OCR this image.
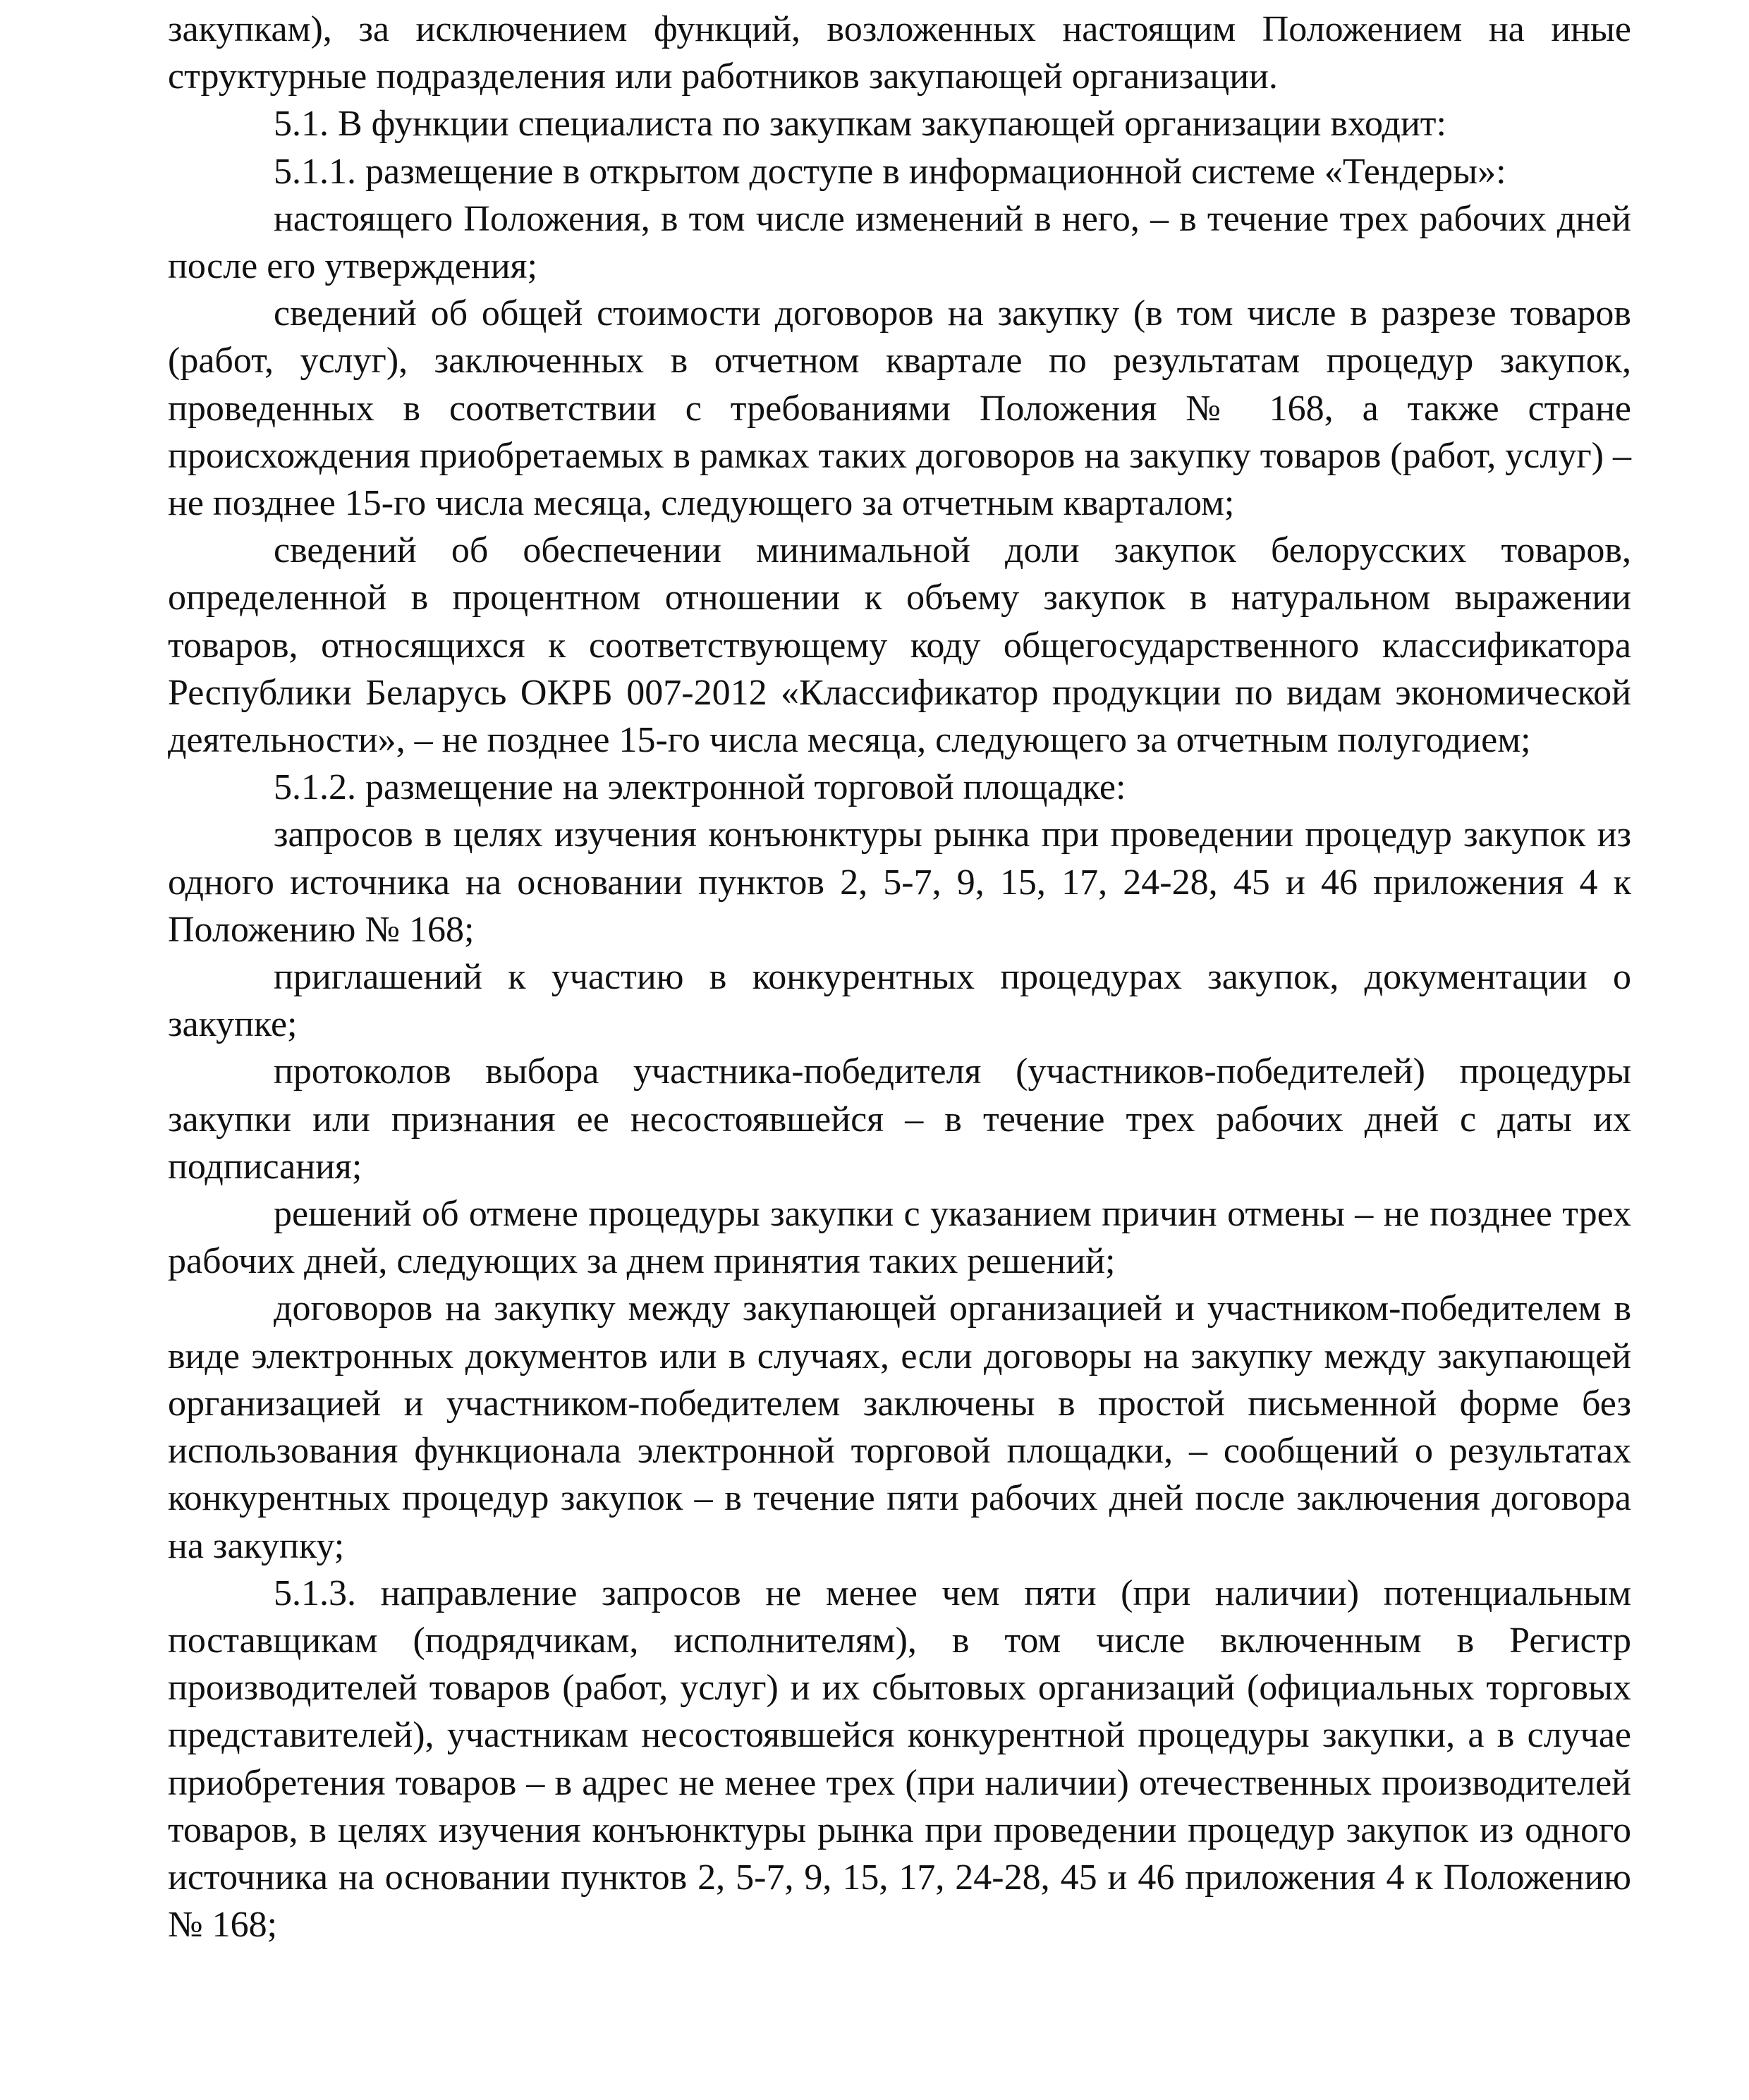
закупкам), за исключением функций, возложенных настоящим Положением на иные структурные подразделения или работников закупающей организации.

5.1. В функции специалиста по закупкам закупающей организации входит:

5.1.1. размещение в открытом доступе в информационной системе «Тендеры»:

настоящего Положения, в том числе изменений в него, – в течение трех рабочих дней после его утверждения;

сведений об общей стоимости договоров на закупку (в том числе в разрезе товаров (работ, услуг), заключенных в отчетном квартале по результатам процедур закупок, проведенных в соответствии с требованиями Положения № 168, а также стране происхождения приобретаемых в рамках таких договоров на закупку товаров (работ, услуг) – не позднее 15-го числа месяца, следующего за отчетным кварталом;

сведений об обеспечении минимальной доли закупок белорусских товаров, определенной в процентном отношении к объему закупок в натуральном выражении товаров, относящихся к соответствующему коду общегосударственного классификатора Республики Беларусь ОКРБ 007-2012 «Классификатор продукции по видам экономической деятельности», – не позднее 15-го числа месяца, следующего за отчетным полугодием;

5.1.2. размещение на электронной торговой площадке:

запросов в целях изучения конъюнктуры рынка при проведении процедур закупок из одного источника на основании пунктов 2, 5-7, 9, 15, 17, 24-28, 45 и 46 приложения 4 к Положению № 168;

приглашений к участию в конкурентных процедурах закупок, документации о закупке;

протоколов выбора участника-победителя (участников-победителей) процедуры закупки или признания ее несостоявшейся – в течение трех рабочих дней с даты их подписания;

решений об отмене процедуры закупки с указанием причин отмены – не позднее трех рабочих дней, следующих за днем принятия таких решений;

договоров на закупку между закупающей организацией и участником-победителем в виде электронных документов или в случаях, если договоры на закупку между закупающей организацией и участником-победителем заключены в простой письменной форме без использования функционала электронной торговой площадки, – сообщений о результатах конкурентных процедур закупок – в течение пяти рабочих дней после заключения договора на закупку;

5.1.3. направление запросов не менее чем пяти (при наличии) потенциальным поставщикам (подрядчикам, исполнителям), в том числе включенным в Регистр производителей товаров (работ, услуг) и их сбытовых организаций (официальных торговых представителей), участникам несостоявшейся конкурентной процедуры закупки, а в случае приобретения товаров – в адрес не менее трех (при наличии) отечественных производителей товаров, в целях изучения конъюнктуры рынка при проведении процедур закупок из одного источника на основании пунктов 2, 5-7, 9, 15, 17, 24-28, 45 и 46 приложения 4 к Положению № 168;
